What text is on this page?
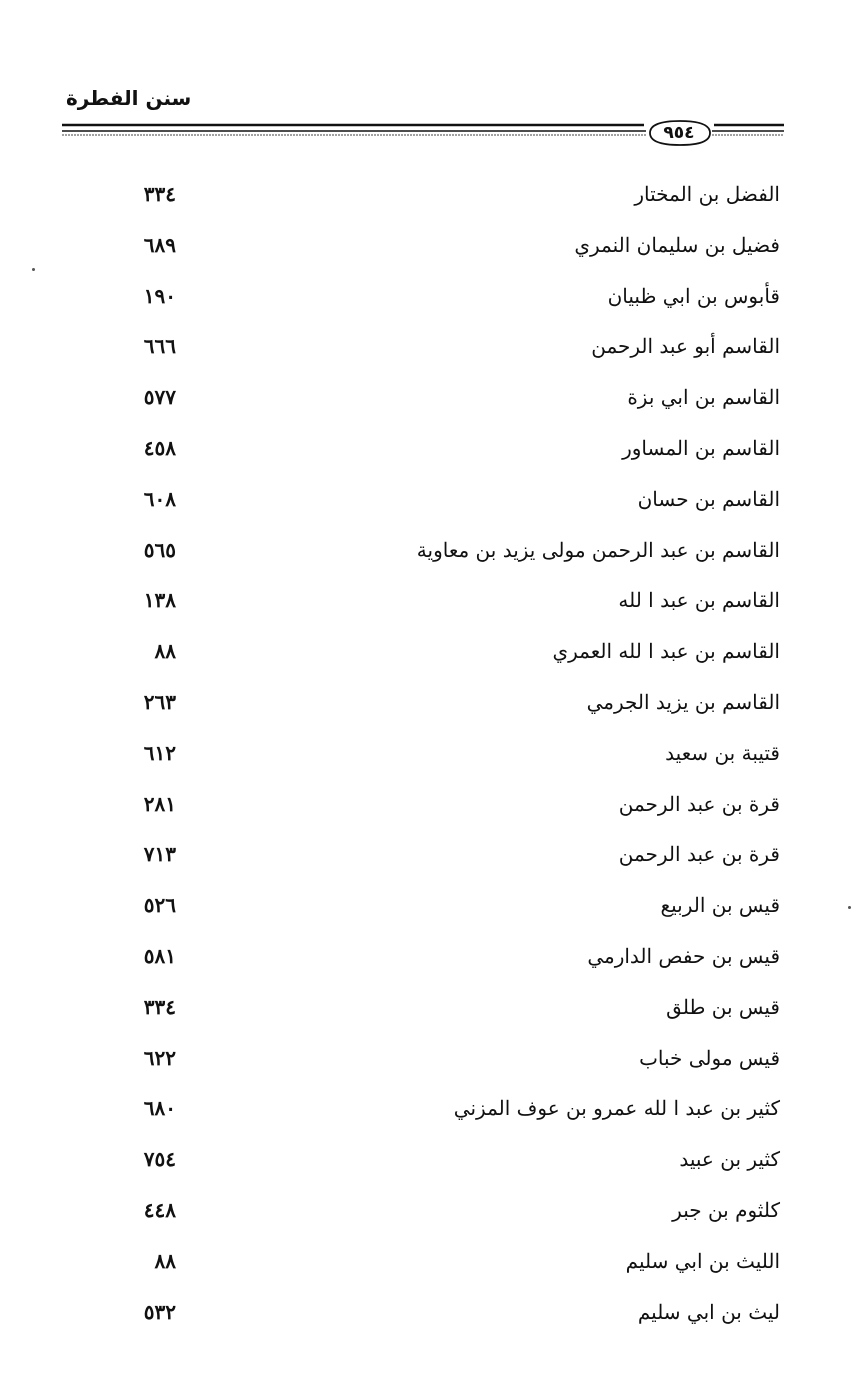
سنن الفطرة
٩٥٤
الفضل بن المختار
٣٣٤
فضيل بن سليمان النمري
٦٨٩
قأبوس بن ابي ظبيان
١٩٠
القاسم أبو عبد الرحمن
٦٦٦
القاسم بن ابي بزة
٥٧٧
القاسم بن المساور
٤٥٨
القاسم بن حسان
٦٠٨
القاسم بن عبد الرحمن مولى يزيد بن معاوية
٥٦٥
القاسم بن عبد ا لله
١٣٨
القاسم بن عبد ا لله العمري
٨٨
القاسم بن يزيد الجرمي
٢٦٣
قتيبة بن سعيد
٦١٢
قرة بن عبد الرحمن
٢٨١
قرة بن عبد الرحمن
٧١٣
قيس بن الربيع
٥٢٦
قيس بن حفص الدارمي
٥٨١
قيس بن طلق
٣٣٤
قيس مولى خباب
٦٢٢
كثير بن عبد ا لله عمرو بن عوف المزني
٦٨٠
كثير بن عبيد
٧٥٤
كلثوم بن جبر
٤٤٨
الليث بن ابي سليم
٨٨
ليث بن ابي سليم
٥٣٢
